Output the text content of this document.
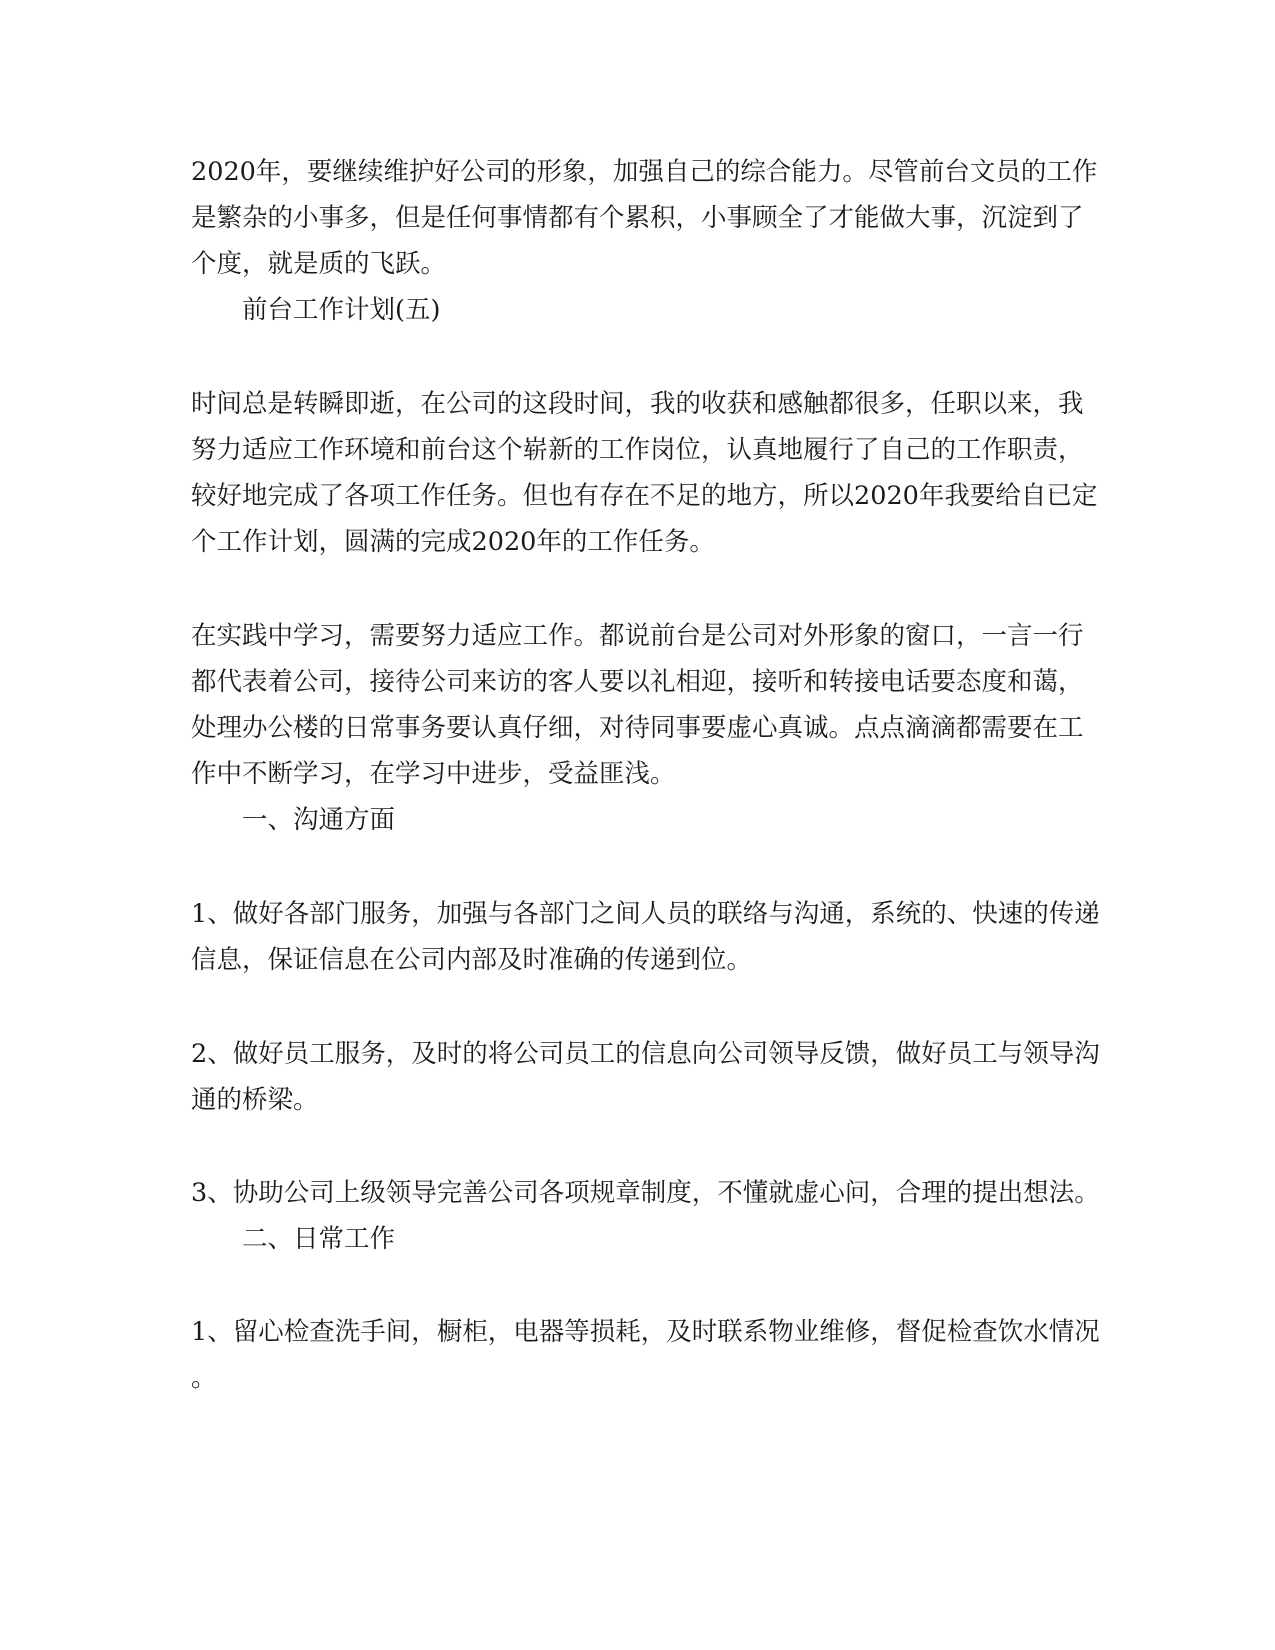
2020年，要继续维护好公司的形象，加强自己的综合能力。尽管前台文员的工作
是繁杂的小事多，但是任何事情都有个累积，小事顾全了才能做大事，沉淀到了
个度，就是质的飞跃。
前台工作计划(五)
时间总是转瞬即逝，在公司的这段时间，我的收获和感触都很多，任职以来，我
努力适应工作环境和前台这个崭新的工作岗位，认真地履行了自己的工作职责，
较好地完成了各项工作任务。但也有存在不足的地方，所以2020年我要给自已定
个工作计划，圆满的完成2020年的工作任务。
在实践中学习，需要努力适应工作。都说前台是公司对外形象的窗口，一言一行
都代表着公司，接待公司来访的客人要以礼相迎，接听和转接电话要态度和蔼，
处理办公楼的日常事务要认真仔细，对待同事要虚心真诚。点点滴滴都需要在工
作中不断学习，在学习中进步，受益匪浅。
一、沟通方面
1、做好各部门服务，加强与各部门之间人员的联络与沟通，系统的、快速的传递
信息，保证信息在公司内部及时准确的传递到位。
2、做好员工服务，及时的将公司员工的信息向公司领导反馈，做好员工与领导沟
通的桥梁。
3、协助公司上级领导完善公司各项规章制度，不懂就虚心问，合理的提出想法。
二、日常工作
1、留心检查洗手间，橱柜，电器等损耗，及时联系物业维修，督促检查饮水情况
。
